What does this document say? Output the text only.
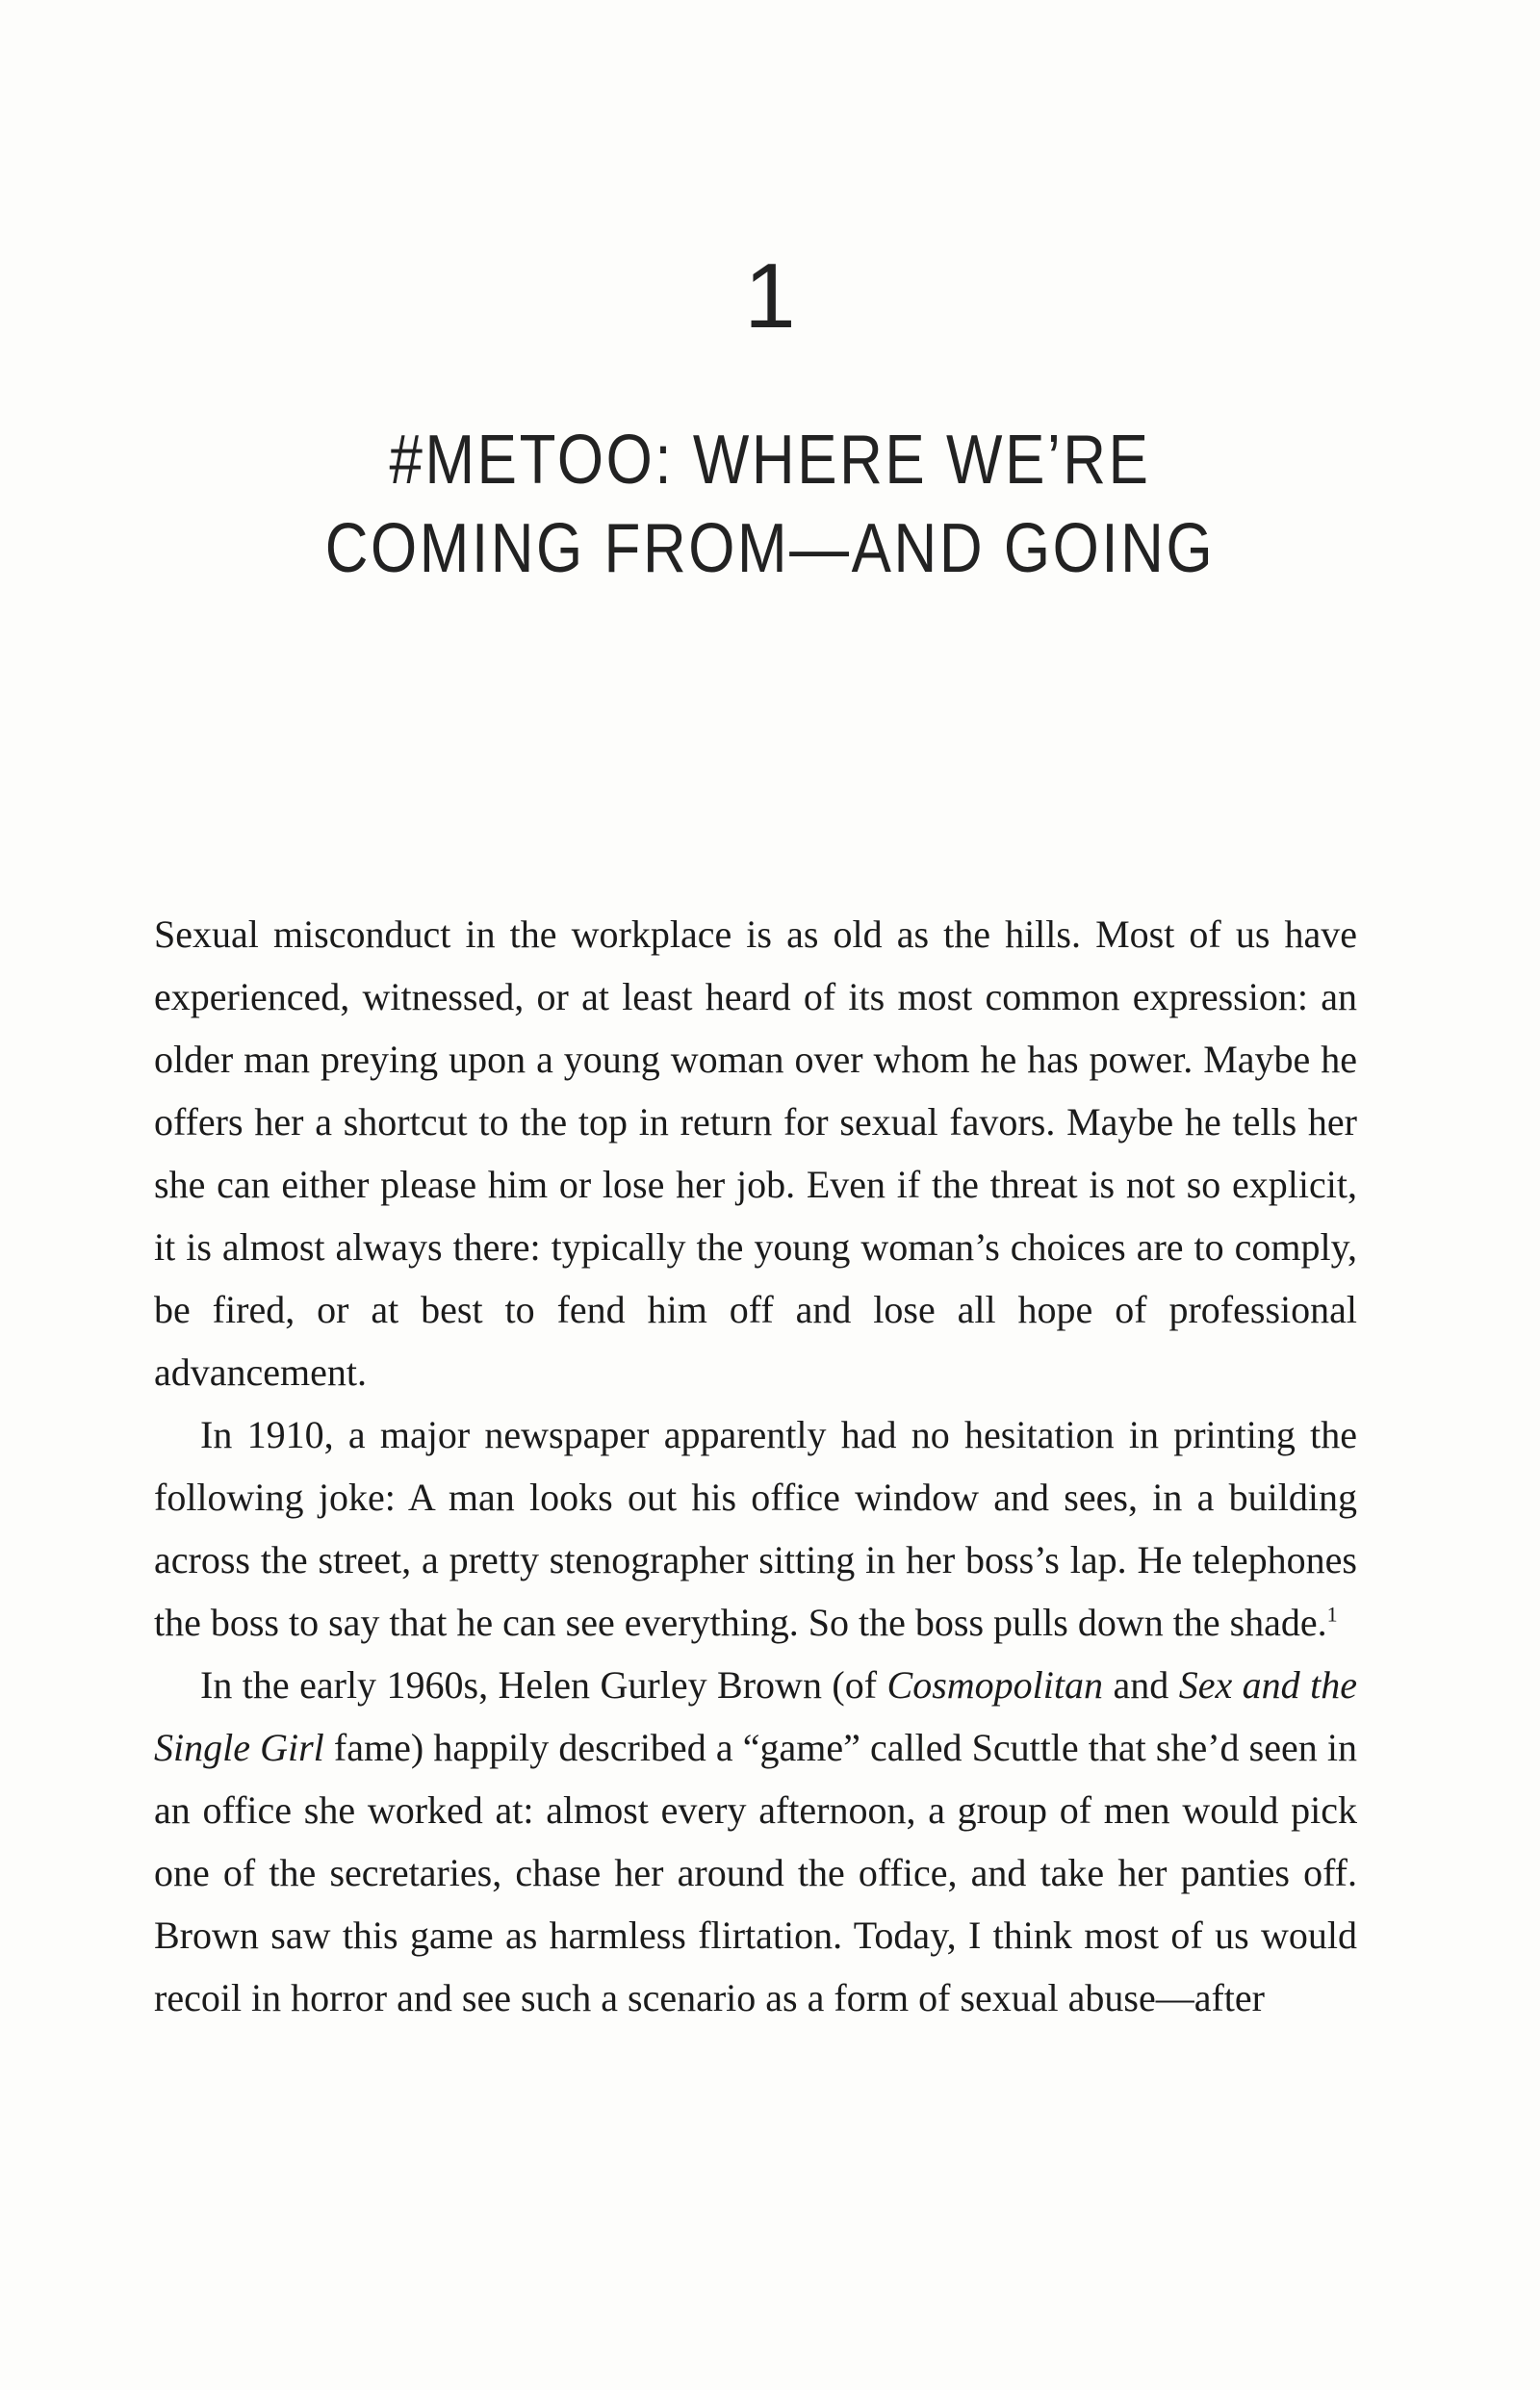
1
#METOO: WHERE WE’RE
COMING FROM—AND GOING

Sexual misconduct in the workplace is as old as the hills. Most of us have experienced, witnessed, or at least heard of its most common expression: an older man preying upon a young woman over whom he has power. Maybe he offers her a shortcut to the top in return for sexual favors. Maybe he tells her she can either please him or lose her job. Even if the threat is not so explicit, it is almost always there: typically the young woman’s choices are to comply, be fired, or at best to fend him off and lose all hope of professional advancement.

In 1910, a major newspaper apparently had no hesitation in printing the following joke: A man looks out his office window and sees, in a building across the street, a pretty stenographer sitting in her boss’s lap. He telephones the boss to say that he can see everything. So the boss pulls down the shade.$^1$

In the early 1960s, Helen Gurley Brown (of Cosmopolitan and Sex and the Single Girl fame) happily described a “game” called Scuttle that she’d seen in an office she worked at: almost every afternoon, a group of men would pick one of the secretaries, chase her around the office, and take her panties off. Brown saw this game as harmless flirtation. Today, I think most of us would recoil in horror and see such a scenario as a form of sexual abuse—after
